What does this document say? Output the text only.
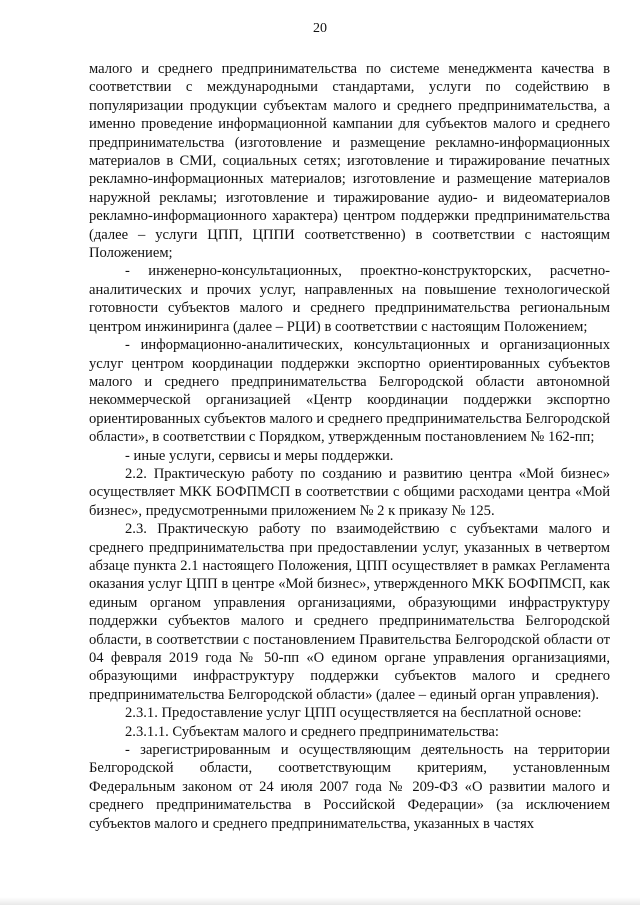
20

малого и среднего предпринимательства по системе менеджмента качества в соответствии с международными стандартами, услуги по содействию в популяризации продукции субъектам малого и среднего предпринимательства, а именно проведение информационной кампании для субъектов малого и среднего предпринимательства (изготовление и размещение рекламно-информационных материалов в СМИ, социальных сетях; изготовление и тиражирование печатных рекламно-информационных материалов; изготовление и размещение материалов наружной рекламы; изготовление и тиражирование аудио- и видеоматериалов рекламно-информационного характера) центром поддержки предпринимательства (далее – услуги ЦПП, ЦППИ соответственно) в соответствии с настоящим Положением;

- инженерно-консультационных, проектно-конструкторских, расчетно-аналитических и прочих услуг, направленных на повышение технологической готовности субъектов малого и среднего предпринимательства региональным центром инжиниринга (далее – РЦИ) в соответствии с настоящим Положением;

- информационно-аналитических, консультационных и организационных услуг центром координации поддержки экспортно ориентированных субъектов малого и среднего предпринимательства Белгородской области автономной некоммерческой организацией «Центр координации поддержки экспортно ориентированных субъектов малого и среднего предпринимательства Белгородской области», в соответствии с Порядком, утвержденным постановлением № 162-пп;

- иные услуги, сервисы и меры поддержки.

2.2. Практическую работу по созданию и развитию центра «Мой бизнес» осуществляет МКК БОФПМСП в соответствии с общими расходами центра «Мой бизнес», предусмотренными приложением № 2 к приказу № 125.

2.3. Практическую работу по взаимодействию с субъектами малого и среднего предпринимательства при предоставлении услуг, указанных в четвертом абзаце пункта 2.1 настоящего Положения, ЦПП осуществляет в рамках Регламента оказания услуг ЦПП в центре «Мой бизнес», утвержденного МКК БОФПМСП, как единым органом управления организациями, образующими инфраструктуру поддержки субъектов малого и среднего предпринимательства Белгородской области, в соответствии с постановлением Правительства Белгородской области от 04 февраля 2019 года № 50-пп «О едином органе управления организациями, образующими инфраструктуру поддержки субъектов малого и среднего предпринимательства Белгородской области» (далее – единый орган управления).

2.3.1. Предоставление услуг ЦПП осуществляется на бесплатной основе:

2.3.1.1. Субъектам малого и среднего предпринимательства:

- зарегистрированным и осуществляющим деятельность на территории Белгородской области, соответствующим критериям, установленным Федеральным законом от 24 июля 2007 года № 209-ФЗ «О развитии малого и среднего предпринимательства в Российской Федерации» (за исключением субъектов малого и среднего предпринимательства, указанных в частях
